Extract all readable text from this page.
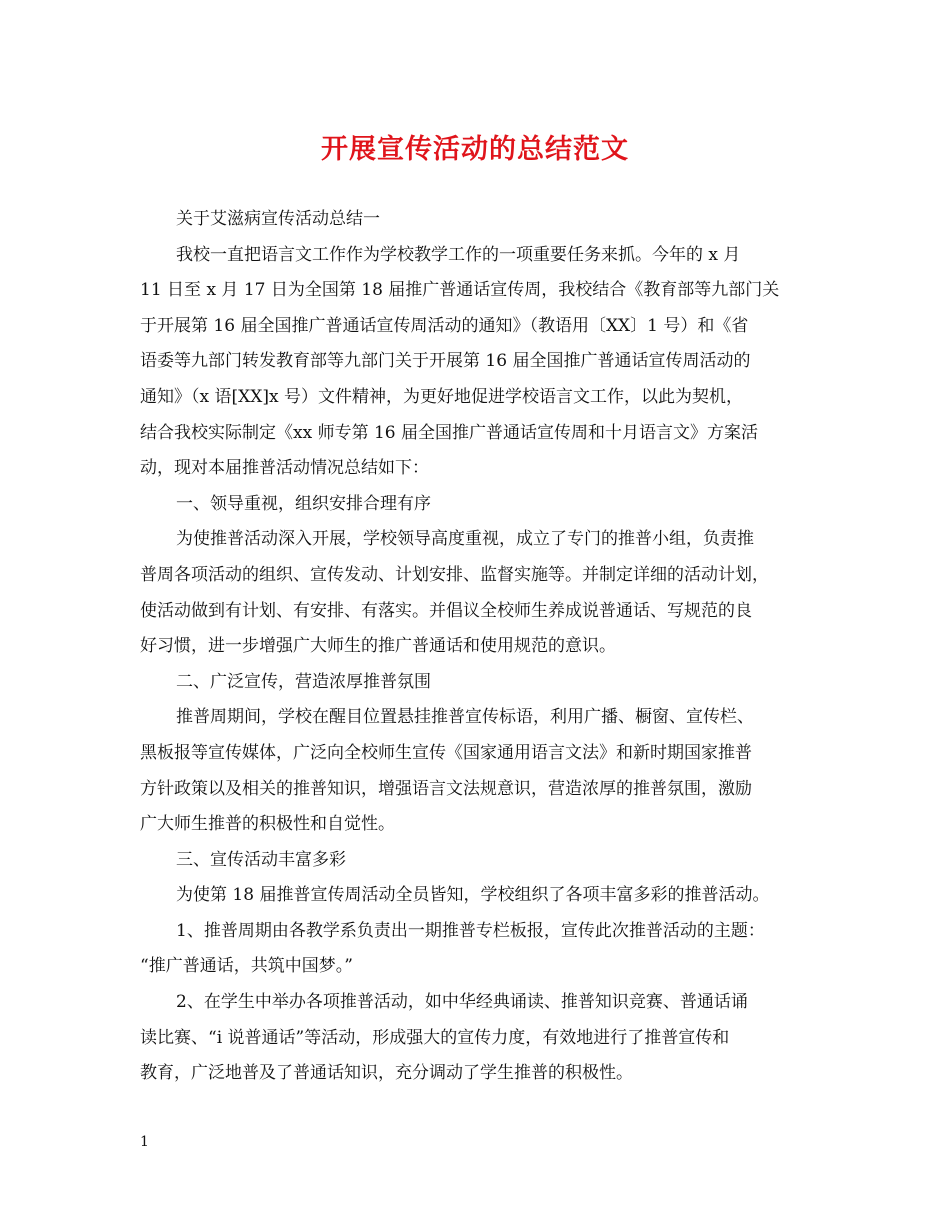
开展宣传活动的总结范文
关于艾滋病宣传活动总结一
我校一直把语言文工作作为学校教学工作的一项重要任务来抓。今年的 x 月
11 日至 x 月 17 日为全国第 18 届推广普通话宣传周，我校结合《教育部等九部门关
于开展第 16 届全国推广普通话宣传周活动的通知》（教语用〔XX〕1 号）和《省
语委等九部门转发教育部等九部门关于开展第 16 届全国推广普通话宣传周活动的
通知》（x 语[XX]x 号）文件精神，为更好地促进学校语言文工作，以此为契机，
结合我校实际制定《xx 师专第 16 届全国推广普通话宣传周和十月语言文》方案活
动，现对本届推普活动情况总结如下：
一、领导重视，组织安排合理有序
为使推普活动深入开展，学校领导高度重视，成立了专门的推普小组，负责推
普周各项活动的组织、宣传发动、计划安排、监督实施等。并制定详细的活动计划，
使活动做到有计划、有安排、有落实。并倡议全校师生养成说普通话、写规范的良
好习惯，进一步增强广大师生的推广普通话和使用规范的意识。
二、广泛宣传，营造浓厚推普氛围
推普周期间，学校在醒目位置悬挂推普宣传标语，利用广播、橱窗、宣传栏、
黑板报等宣传媒体，广泛向全校师生宣传《国家通用语言文法》和新时期国家推普
方针政策以及相关的推普知识，增强语言文法规意识，营造浓厚的推普氛围，激励
广大师生推普的积极性和自觉性。
三、宣传活动丰富多彩
为使第 18 届推普宣传周活动全员皆知，学校组织了各项丰富多彩的推普活动。
1、推普周期由各教学系负责出一期推普专栏板报，宣传此次推普活动的主题：
“推广普通话，共筑中国梦。”
2、在学生中举办各项推普活动，如中华经典诵读、推普知识竞赛、普通话诵
读比赛、“i 说普通话”等活动，形成强大的宣传力度，有效地进行了推普宣传和
教育，广泛地普及了普通话知识，充分调动了学生推普的积极性。
1
